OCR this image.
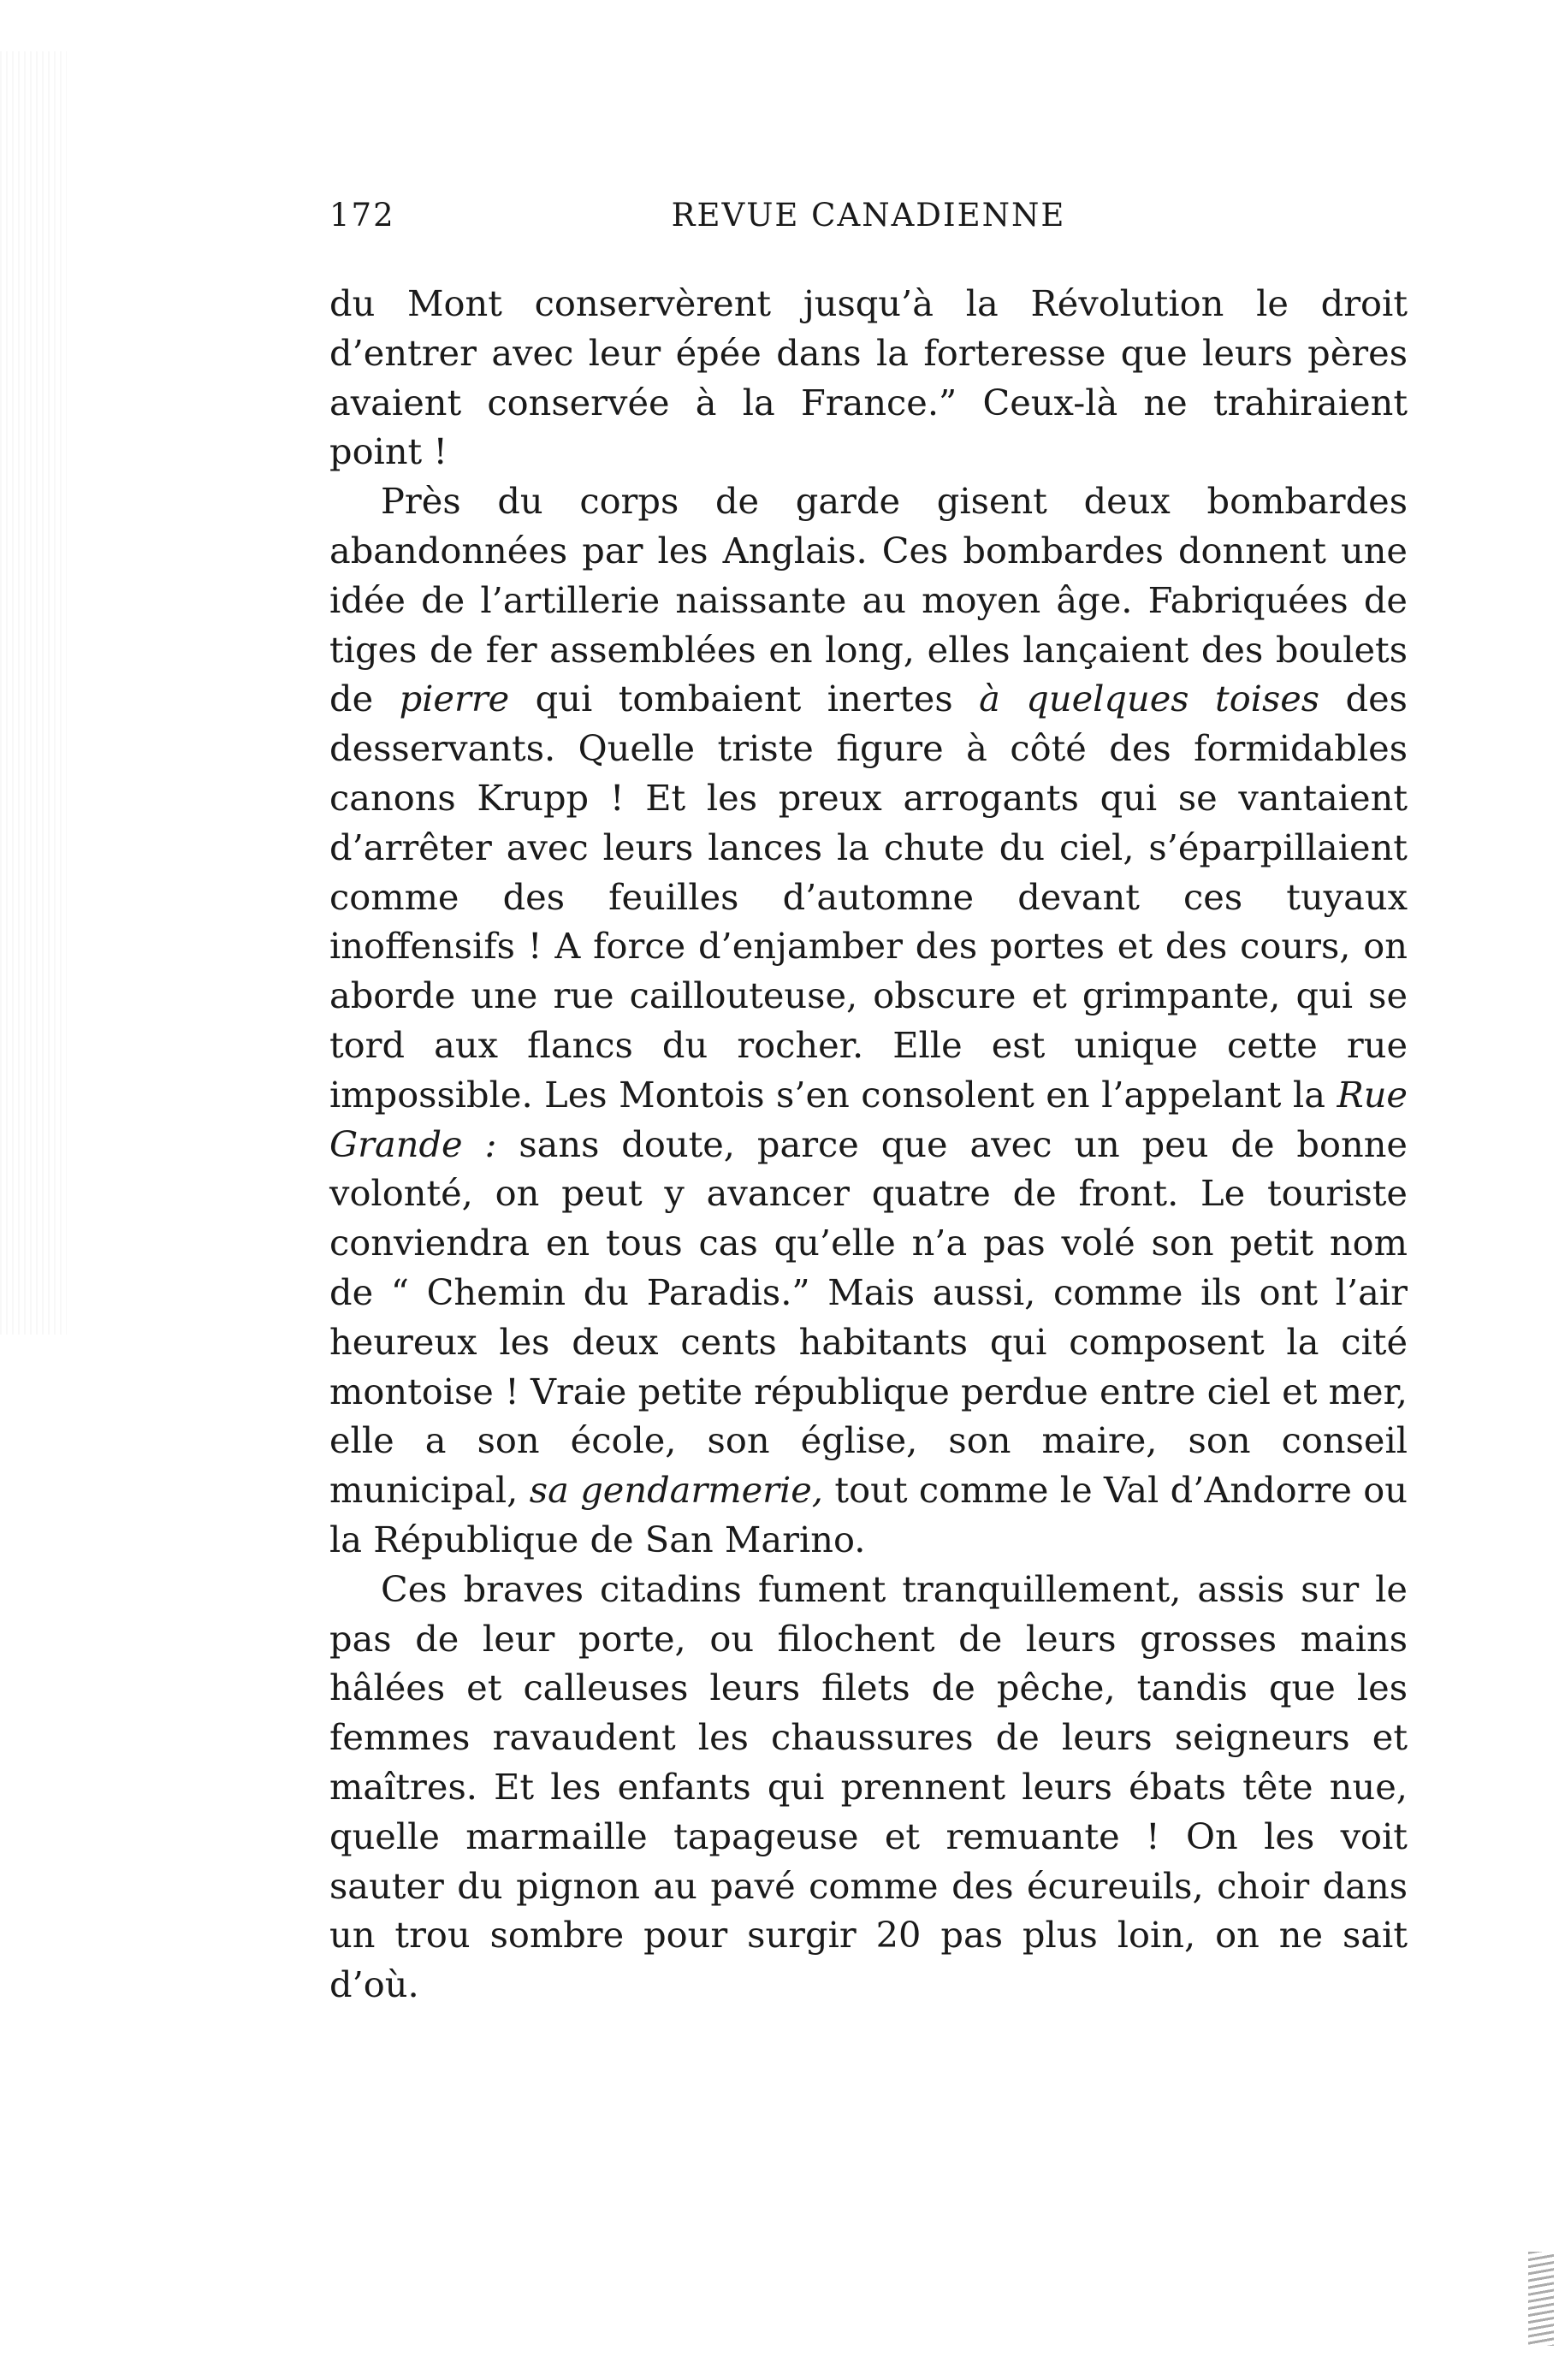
172	REVUE CANADIENNE

du Mont conservèrent jusqu’à la Révolution le droit d’entrer avec leur épée dans la forteresse que leurs pères avaient conservée à la France.” Ceux-là ne trahiraient point !

Près du corps de garde gisent deux bombardes abandonnées par les Anglais. Ces bombardes donnent une idée de l’artillerie naissante au moyen âge. Fabriquées de tiges de fer assemblées en long, elles lançaient des boulets de pierre qui tombaient inertes à quelques toises des desservants. Quelle triste figure à côté des formidables canons Krupp ! Et les preux arrogants qui se vantaient d’arrêter avec leurs lances la chute du ciel, s’éparpillaient comme des feuilles d’automne devant ces tuyaux inoffensifs ! A force d’enjamber des portes et des cours, on aborde une rue caillouteuse, obscure et grimpante, qui se tord aux flancs du rocher. Elle est unique cette rue impossible. Les Montois s’en consolent en l’appelant la Rue Grande : sans doute, parce que avec un peu de bonne volonté, on peut y avancer quatre de front. Le touriste conviendra en tous cas qu’elle n’a pas volé son petit nom de “ Chemin du Paradis.” Mais aussi, comme ils ont l’air heureux les deux cents habitants qui composent la cité montoise ! Vraie petite république perdue entre ciel et mer, elle a son école, son église, son maire, son conseil municipal, sa gendarmerie, tout comme le Val d’Andorre ou la République de San Marino.

Ces braves citadins fument tranquillement, assis sur le pas de leur porte, ou filochent de leurs grosses mains hâlées et calleuses leurs filets de pêche, tandis que les femmes ravaudent les chaussures de leurs seigneurs et maîtres. Et les enfants qui prennent leurs ébats tête nue, quelle marmaille tapageuse et remuante ! On les voit sauter du pignon au pavé comme des écureuils, choir dans un trou sombre pour surgir 20 pas plus loin, on ne sait d’où.
